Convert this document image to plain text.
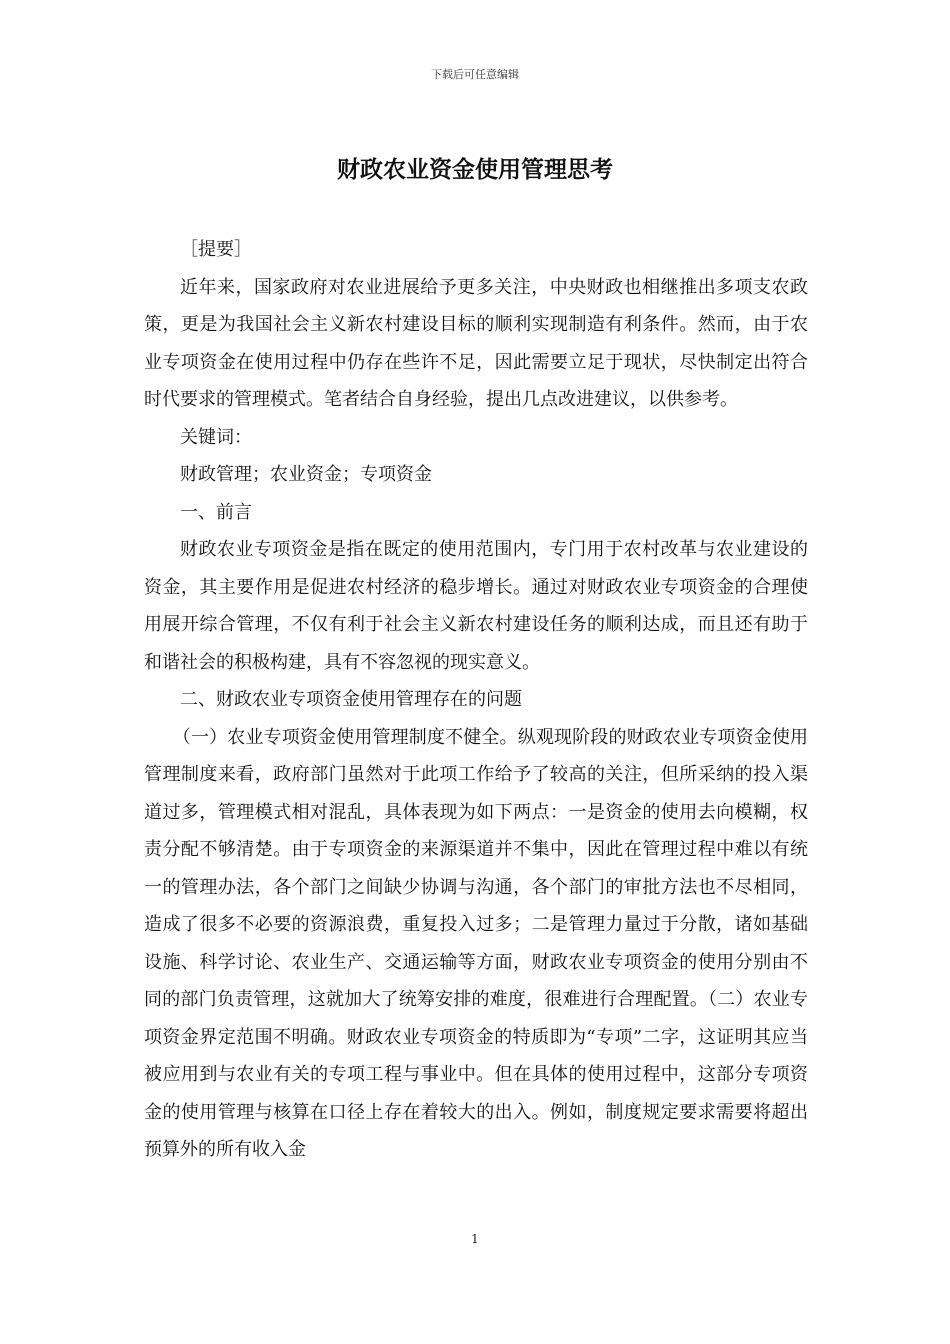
下载后可任意编辑
财政农业资金使用管理思考

［提要］

近年来，国家政府对农业进展给予更多关注，中央财政也相继推出多项支农政策，更是为我国社会主义新农村建设目标的顺利实现制造有利条件。然而，由于农业专项资金在使用过程中仍存在些许不足，因此需要立足于现状，尽快制定出符合时代要求的管理模式。笔者结合自身经验，提出几点改进建议，以供参考。

关键词：

财政管理；农业资金；专项资金

一、前言

财政农业专项资金是指在既定的使用范围内，专门用于农村改革与农业建设的资金，其主要作用是促进农村经济的稳步增长。通过对财政农业专项资金的合理使用展开综合管理，不仅有利于社会主义新农村建设任务的顺利达成，而且还有助于和谐社会的积极构建，具有不容忽视的现实意义。

二、财政农业专项资金使用管理存在的问题

（一）农业专项资金使用管理制度不健全。纵观现阶段的财政农业专项资金使用管理制度来看，政府部门虽然对于此项工作给予了较高的关注，但所采纳的投入渠道过多，管理模式相对混乱，具体表现为如下两点：一是资金的使用去向模糊，权责分配不够清楚。由于专项资金的来源渠道并不集中，因此在管理过程中难以有统一的管理办法，各个部门之间缺少协调与沟通，各个部门的审批方法也不尽相同，造成了很多不必要的资源浪费，重复投入过多；二是管理力量过于分散，诸如基础设施、科学讨论、农业生产、交通运输等方面，财政农业专项资金的使用分别由不同的部门负责管理，这就加大了统筹安排的难度，很难进行合理配置。（二）农业专项资金界定范围不明确。财政农业专项资金的特质即为“专项”二字，这证明其应当被应用到与农业有关的专项工程与事业中。但在具体的使用过程中，这部分专项资金的使用管理与核算在口径上存在着较大的出入。例如，制度规定要求需要将超出预算外的所有收入金

1
